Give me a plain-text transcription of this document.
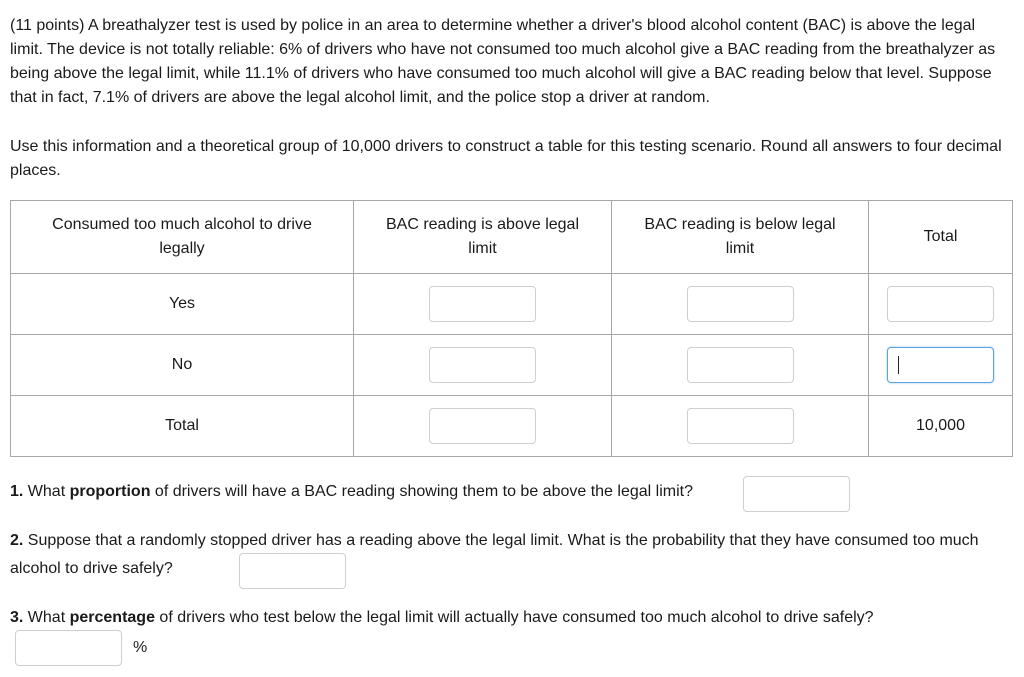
(11 points) A breathalyzer test is used by police in an area to determine whether a driver's blood alcohol content (BAC) is above the legal limit. The device is not totally reliable: 6% of drivers who have not consumed too much alcohol give a BAC reading from the breathalyzer as being above the legal limit, while 11.1% of drivers who have consumed too much alcohol will give a BAC reading below that level. Suppose that in fact, 7.1% of drivers are above the legal alcohol limit, and the police stop a driver at random.
Use this information and a theoretical group of 10,000 drivers to construct a table for this testing scenario. Round all answers to four decimal places.
Consumed too much alcohol to drive legally	BAC reading is above legal limit	BAC reading is below legal limit	Total
Yes			
No			
Total			10,000
1. What proportion of drivers will have a BAC reading showing them to be above the legal limit?
2. Suppose that a randomly stopped driver has a reading above the legal limit. What is the probability that they have consumed too much alcohol to drive safely?
3. What percentage of drivers who test below the legal limit will actually have consumed too much alcohol to drive safely?
%
